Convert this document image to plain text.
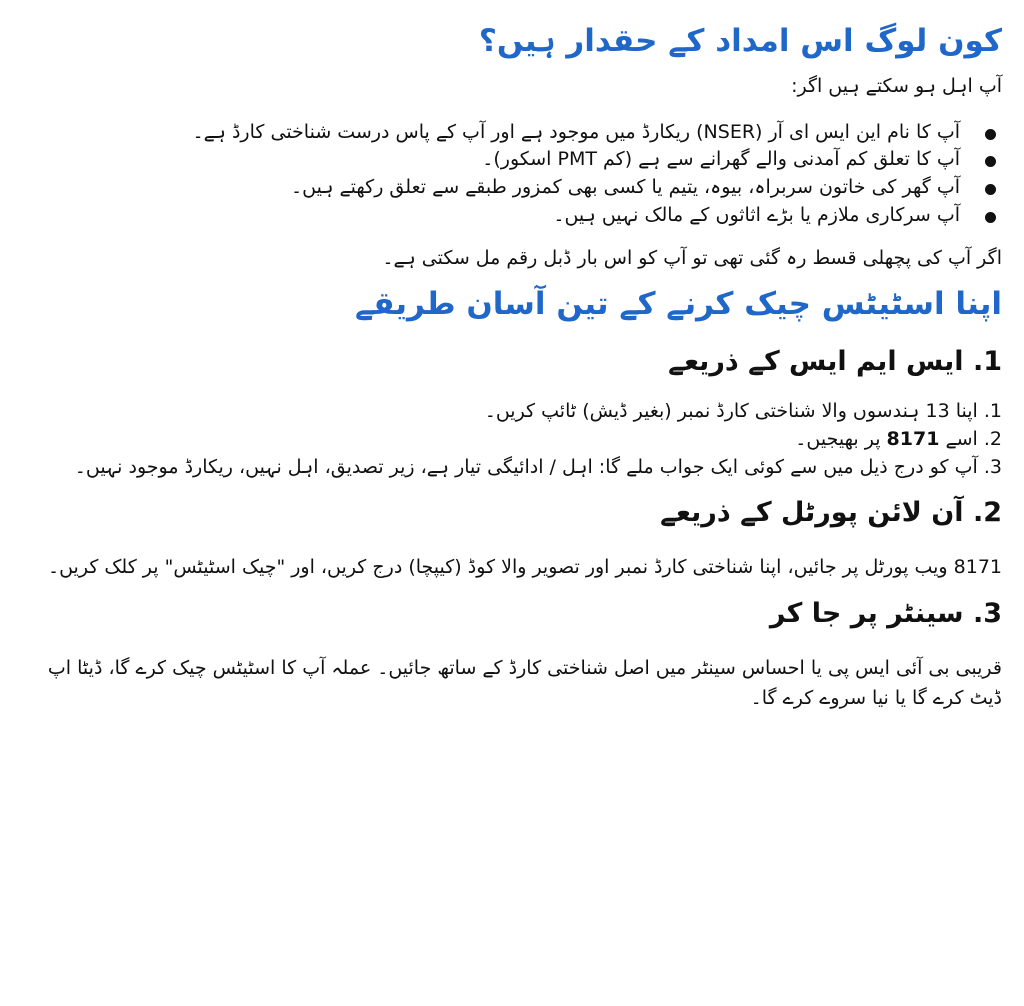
کون لوگ اس امداد کے حقدار ہیں؟

آپ اہل ہو سکتے ہیں اگر:

آپ کا نام این ایس ای آر (NSER) ریکارڈ میں موجود ہے اور آپ کے پاس درست شناختی کارڈ ہے۔
آپ کا تعلق کم آمدنی والے گھرانے سے ہے (کم PMT اسکور)۔
آپ گھر کی خاتون سربراہ، بیوہ، یتیم یا کسی بھی کمزور طبقے سے تعلق رکھتے ہیں۔
آپ سرکاری ملازم یا بڑے اثاثوں کے مالک نہیں ہیں۔

اگر آپ کی پچھلی قسط رہ گئی تھی تو آپ کو اس بار ڈبل رقم مل سکتی ہے۔

اپنا اسٹیٹس چیک کرنے کے تین آسان طریقے
1. ایس ایم ایس کے ذریعے
1. اپنا 13 ہندسوں والا شناختی کارڈ نمبر (بغیر ڈیش) ٹائپ کریں۔
2. اسے 8171 پر بھیجیں۔
3. آپ کو درج ذیل میں سے کوئی ایک جواب ملے گا: اہل / ادائیگی تیار ہے، زیر تصدیق، اہل نہیں، ریکارڈ موجود نہیں۔
2. آن لائن پورٹل کے ذریعے

8171 ویب پورٹل پر جائیں، اپنا شناختی کارڈ نمبر اور تصویر والا کوڈ (کیپچا) درج کریں، اور "چیک اسٹیٹس" پر کلک کریں۔

3. سینٹر پر جا کر

قریبی بی آئی ایس پی یا احساس سینٹر میں اصل شناختی کارڈ کے ساتھ جائیں۔ عملہ آپ کا اسٹیٹس چیک کرے گا، ڈیٹا اپ ڈیٹ کرے گا یا نیا سروے کرے گا۔
